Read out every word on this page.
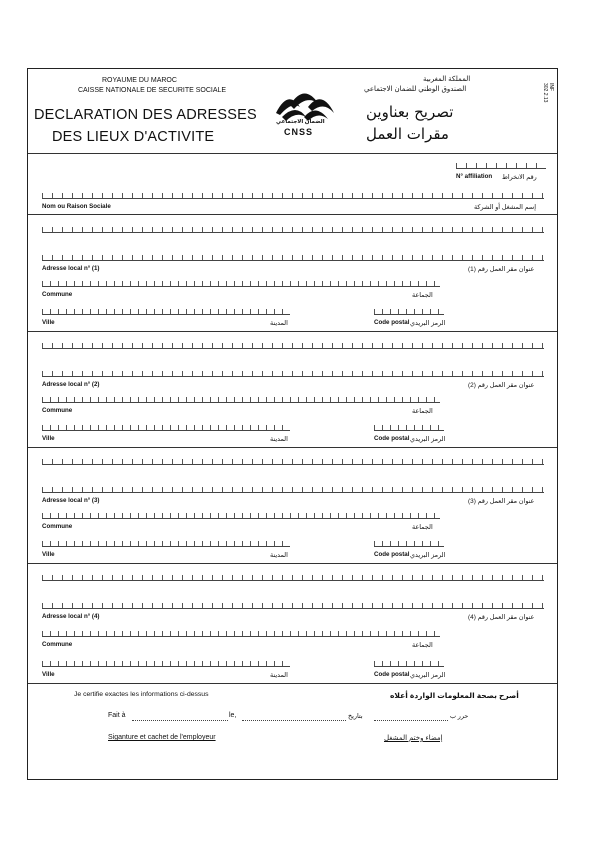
ROYAUME DU MAROC
CAISSE NATIONALE DE SECURITE SOCIALE
DECLARATION DES ADRESSES
DES LIEUX D'ACTIVITE
الضمان الاجتماعي
CNSS
المملكة المغربية
الصندوق الوطني للضمان الاجتماعي
تصريح بعناوين
مقرات العمل
INF 302.2.13
N° affiliation رقم الانخراط
Nom ou Raison Sociale	إسم المشغل أو الشركة
Adresse local n° (1)	عنوان مقر العمل رقم (1)
Commune	الجماعة
Ville	المدينة	Code postal الرمز البريدي
Adresse local n° (2)	عنوان مقر العمل رقم (2)
Commune	الجماعة
Ville	المدينة	Code postal الرمز البريدي
Adresse local n° (3)	عنوان مقر العمل رقم (3)
Commune	الجماعة
Ville	المدينة	Code postal الرمز البريدي
Adresse local n° (4)	عنوان مقر العمل رقم (4)
Commune	الجماعة
Ville	المدينة	Code postal الرمز البريدي
Je certifie exactes les informations ci-dessus	أصرح بصحة المعلومات الواردة أعلاه
Fait à	le,	بتاريخ	حرر ب
Siganture et cachet de l'employeur	إمضاء وختم المشغل
